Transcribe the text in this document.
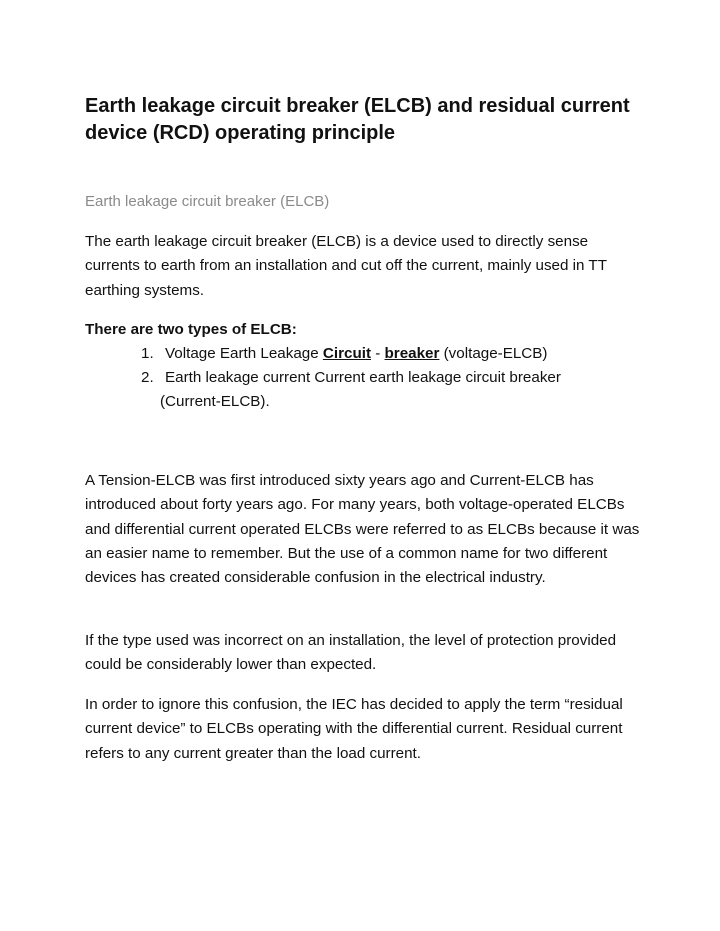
Earth leakage circuit breaker (ELCB) and residual current device (RCD) operating principle

Earth leakage circuit breaker (ELCB)

The earth leakage circuit breaker (ELCB) is a device used to directly sense currents to earth from an installation and cut off the current, mainly used in TT earthing systems.

There are two types of ELCB:

1. Voltage Earth Leakage Circuit - breaker (voltage-ELCB)
2. Earth leakage current Current earth leakage circuit breaker
(Current-ELCB).

A Tension-ELCB was first introduced sixty years ago and Current-ELCB has introduced about forty years ago. For many years, both voltage-operated ELCBs and differential current operated ELCBs were referred to as ELCBs because it was an easier name to remember. But the use of a common name for two different devices has created considerable confusion in the electrical industry.

If the type used was incorrect on an installation, the level of protection provided could be considerably lower than expected.

In order to ignore this confusion, the IEC has decided to apply the term “residual current device” to ELCBs operating with the differential current. Residual current refers to any current greater than the load current.
